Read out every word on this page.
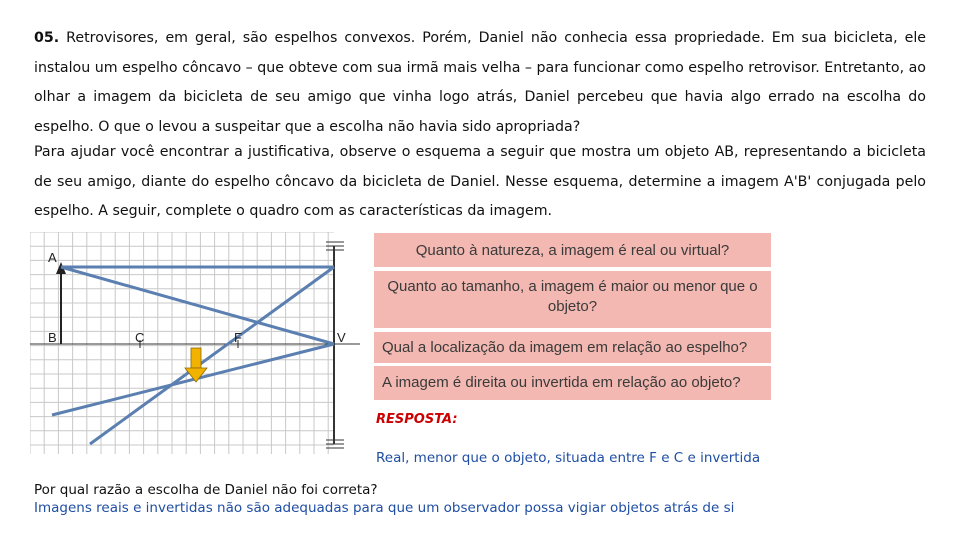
05. Retrovisores, em geral, são espelhos convexos. Porém, Daniel não conhecia essa propriedade. Em sua bicicleta, ele instalou um espelho côncavo – que obteve com sua irmã mais velha – para funcionar como espelho retrovisor. Entretanto, ao olhar a imagem da bicicleta de seu amigo que vinha logo atrás, Daniel percebeu que havia algo errado na escolha do espelho. O que o levou a suspeitar que a escolha não havia sido apropriada?

Para ajudar você encontrar a justificativa, observe o esquema a seguir que mostra um objeto AB, representando a bicicleta de seu amigo, diante do espelho côncavo da bicicleta de Daniel. Nesse esquema, determine a imagem A'B' conjugada pelo espelho. A seguir, complete o quadro com as características da imagem.

A
B	C	F	V
Quanto à natureza, a imagem é real ou virtual?
Quanto ao tamanho, a imagem é maior ou menor que o objeto?
Qual a localização da imagem em relação ao espelho?
A imagem é direita ou invertida em relação ao objeto?
RESPOSTA:
Real, menor que o objeto, situada entre F e C e invertida
Por qual razão a escolha de Daniel não foi correta?
Imagens reais e invertidas não são adequadas para que um observador possa vigiar objetos atrás de si
